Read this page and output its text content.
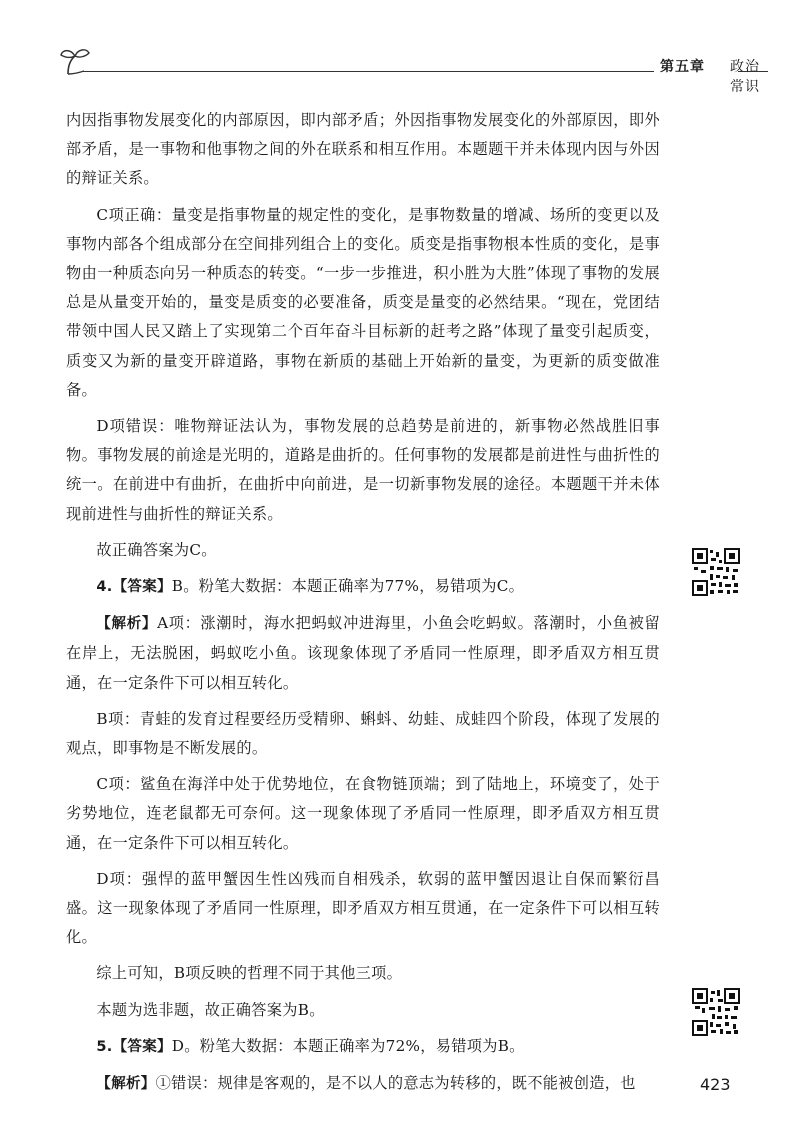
第五章 政治常识

内因指事物发展变化的内部原因，即内部矛盾；外因指事物发展变化的外部原因，即外部矛盾，是一事物和他事物之间的外在联系和相互作用。本题题干并未体现内因与外因的辩证关系。

C项正确：量变是指事物量的规定性的变化，是事物数量的增减、场所的变更以及事物内部各个组成部分在空间排列组合上的变化。质变是指事物根本性质的变化，是事物由一种质态向另一种质态的转变。“一步一步推进，积小胜为大胜”体现了事物的发展总是从量变开始的，量变是质变的必要准备，质变是量变的必然结果。“现在，党团结带领中国人民又踏上了实现第二个百年奋斗目标新的赶考之路”体现了量变引起质变，质变又为新的量变开辟道路，事物在新质的基础上开始新的量变，为更新的质变做准备。

D项错误：唯物辩证法认为，事物发展的总趋势是前进的，新事物必然战胜旧事物。事物发展的前途是光明的，道路是曲折的。任何事物的发展都是前进性与曲折性的统一。在前进中有曲折，在曲折中向前进，是一切新事物发展的途径。本题题干并未体现前进性与曲折性的辩证关系。

故正确答案为C。

4.【答案】B。粉笔大数据：本题正确率为77%，易错项为C。

【解析】A项：涨潮时，海水把蚂蚁冲进海里，小鱼会吃蚂蚁。落潮时，小鱼被留在岸上，无法脱困，蚂蚁吃小鱼。该现象体现了矛盾同一性原理，即矛盾双方相互贯通，在一定条件下可以相互转化。

B项：青蛙的发育过程要经历受精卵、蝌蚪、幼蛙、成蛙四个阶段，体现了发展的观点，即事物是不断发展的。

C项：鲨鱼在海洋中处于优势地位，在食物链顶端；到了陆地上，环境变了，处于劣势地位，连老鼠都无可奈何。这一现象体现了矛盾同一性原理，即矛盾双方相互贯通，在一定条件下可以相互转化。

D项：强悍的蓝甲蟹因生性凶残而自相残杀，软弱的蓝甲蟹因退让自保而繁衍昌盛。这一现象体现了矛盾同一性原理，即矛盾双方相互贯通，在一定条件下可以相互转化。

综上可知，B项反映的哲理不同于其他三项。

本题为选非题，故正确答案为B。

5.【答案】D。粉笔大数据：本题正确率为72%，易错项为B。

【解析】①错误：规律是客观的，是不以人的意志为转移的，既不能被创造，也	423
